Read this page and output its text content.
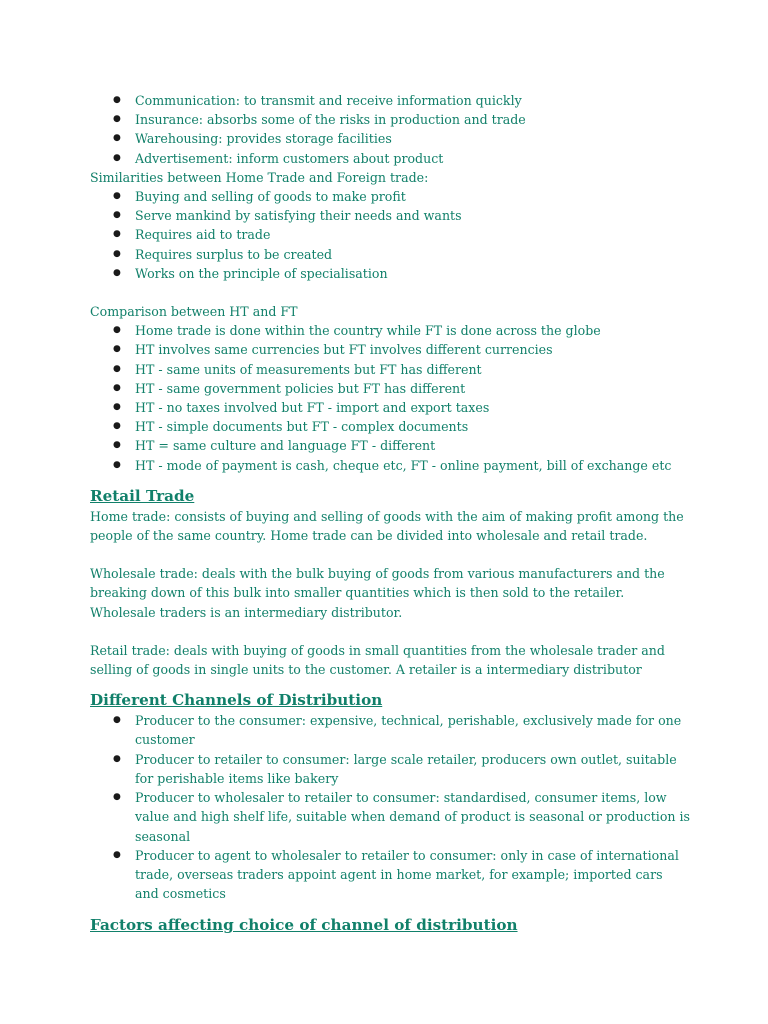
● Communication: to transmit and receive information quickly
● Insurance: absorbs some of the risks in production and trade
● Warehousing: provides storage facilities
● Advertisement: inform customers about product

Similarities between Home Trade and Foreign trade:

● Buying and selling of goods to make profit
● Serve mankind by satisfying their needs and wants
● Requires aid to trade
● Requires surplus to be created
● Works on the principle of specialisation

Comparison between HT and FT

● Home trade is done within the country while FT is done across the globe
● HT involves same currencies but FT involves different currencies
● HT - same units of measurements but FT has different
● HT - same government policies but FT has different
● HT - no taxes involved but FT - import and export taxes
● HT - simple documents but FT - complex documents
● HT = same culture and language FT - different
● HT - mode of payment is cash, cheque etc, FT - online payment, bill of exchange etc
Retail Trade

Home trade: consists of buying and selling of goods with the aim of making profit among the people of the same country. Home trade can be divided into wholesale and retail trade.

Wholesale trade: deals with the bulk buying of goods from various manufacturers and the breaking down of this bulk into smaller quantities which is then sold to the retailer. Wholesale traders is an intermediary distributor.

Retail trade: deals with buying of goods in small quantities from the wholesale trader and selling of goods in single units to the customer. A retailer is a intermediary distributor

Different Channels of Distribution
● Producer to the consumer: expensive, technical, perishable, exclusively made for one customer
● Producer to retailer to consumer: large scale retailer, producers own outlet, suitable for perishable items like bakery
● Producer to wholesaler to retailer to consumer: standardised, consumer items, low value and high shelf life, suitable when demand of product is seasonal or production is seasonal
● Producer to agent to wholesaler to retailer to consumer: only in case of international trade, overseas traders appoint agent in home market, for example; imported cars and cosmetics
Factors affecting choice of channel of distribution
